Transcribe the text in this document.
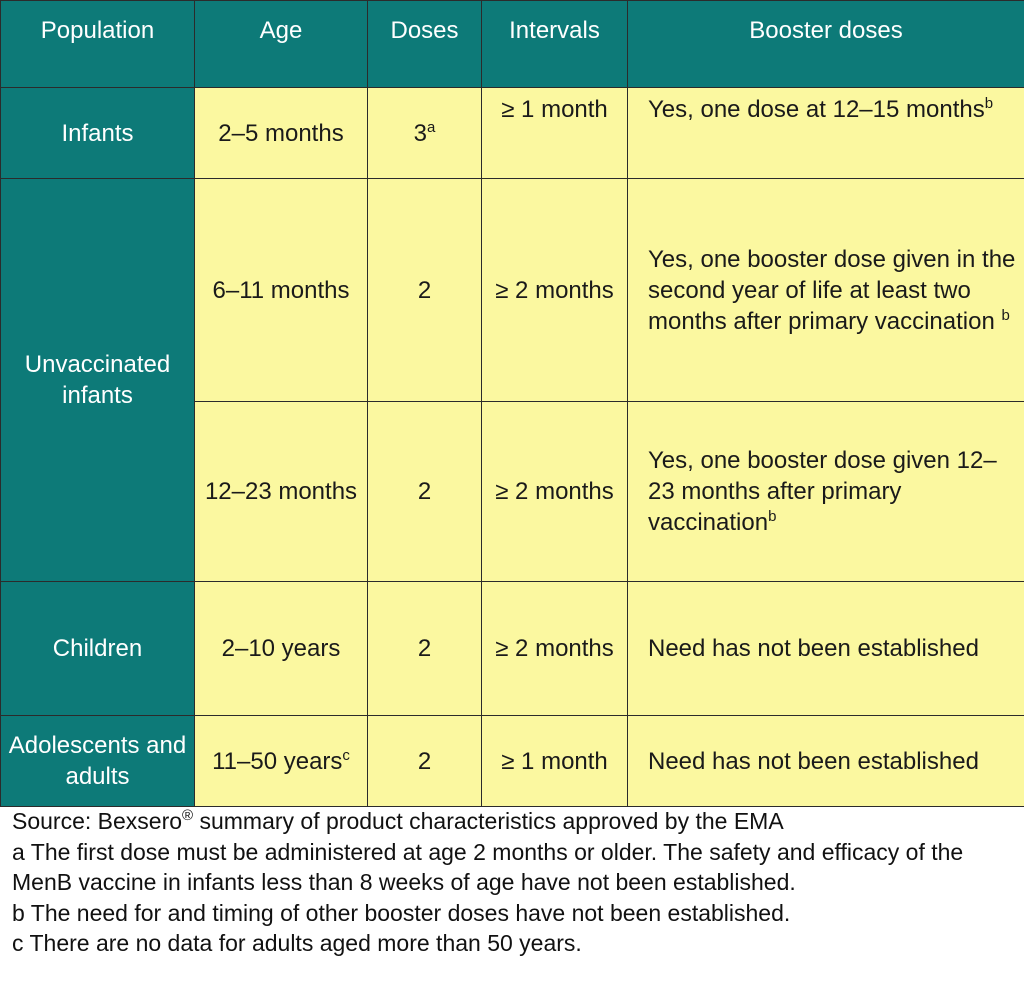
Population	Age	Doses	Intervals	Booster doses
Infants	2–5 months	$3^a$	≥ 1 month	Yes, one dose at 12–15 months$^b$
Unvaccinated infants	6–11 months	2	≥ 2 months	Yes, one booster dose given in the second year of life at least two months after primary vaccination $^b$
	12–23 months	2	≥ 2 months	Yes, one booster dose given 12–23 months after primary vaccination$^b$
Children	2–10 years	2	≥ 2 months	Need has not been established
Adolescents and adults	11–50 years$^c$	2	≥ 1 month	Need has not been established
Source: Bexsero® summary of product characteristics approved by the EMA
a The first dose must be administered at age 2 months or older. The safety and efficacy of the MenB vaccine in infants less than 8 weeks of age have not been established.
b The need for and timing of other booster doses have not been established.
c There are no data for adults aged more than 50 years.
